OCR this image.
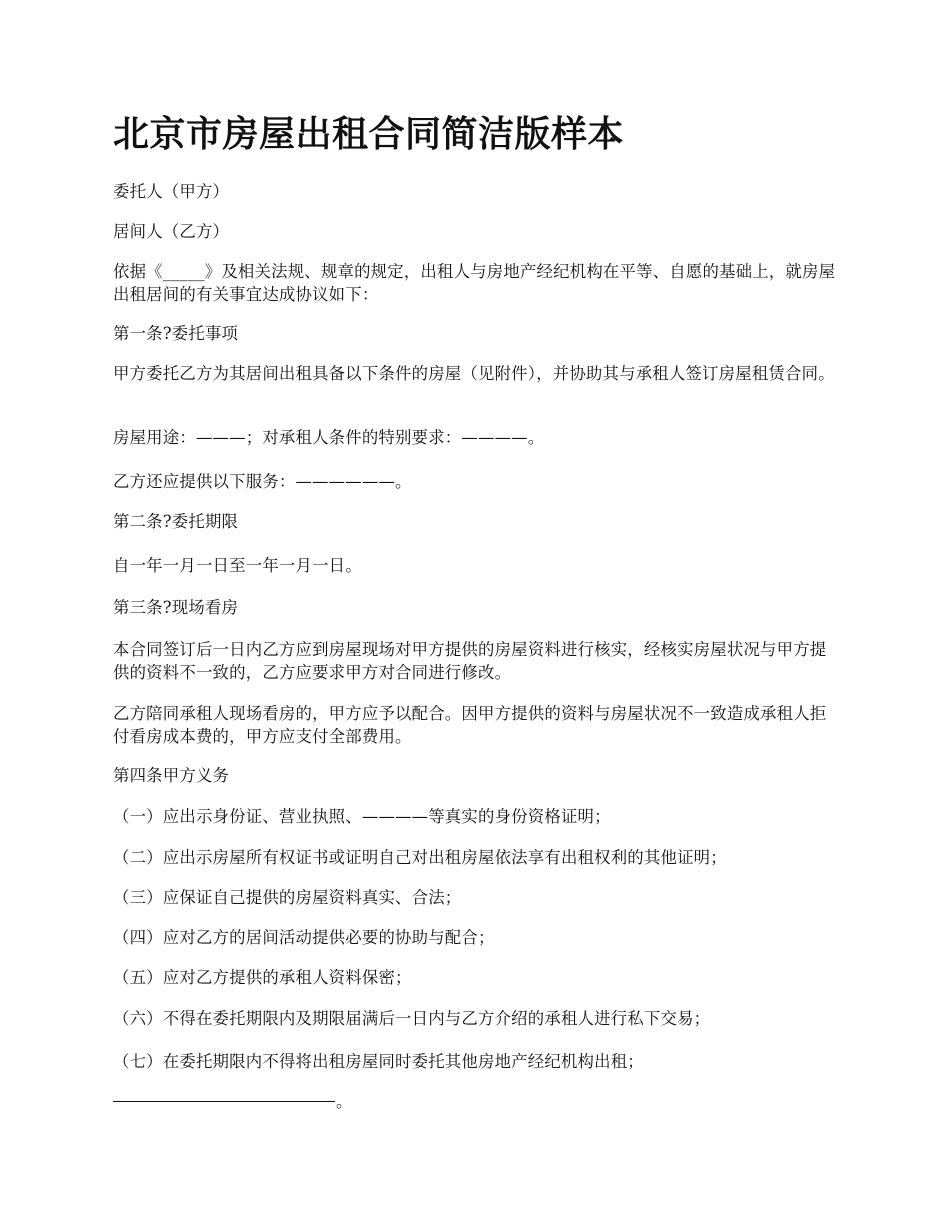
北京市房屋出租合同简洁版样本

委托人（甲方）

居间人（乙方）

依据《_____》及相关法规、规章的规定，出租人与房地产经纪机构在平等、自愿的基础上，就房屋出租居间的有关事宜达成协议如下：

第一条?委托事项

甲方委托乙方为其居间出租具备以下条件的房屋（见附件），并协助其与承租人签订房屋租赁合同。

房屋用途：———；对承租人条件的特别要求：————。

乙方还应提供以下服务：——————。

第二条?委托期限

自一年一月一日至一年一月一日。

第三条?现场看房

本合同签订后一日内乙方应到房屋现场对甲方提供的房屋资料进行核实，经核实房屋状况与甲方提供的资料不一致的，乙方应要求甲方对合同进行修改。

乙方陪同承租人现场看房的，甲方应予以配合。因甲方提供的资料与房屋状况不一致造成承租人拒付看房成本费的，甲方应支付全部费用。

第四条甲方义务

（一）应出示身份证、营业执照、————等真实的身份资格证明；

（二）应出示房屋所有权证书或证明自己对出租房屋依法享有出租权利的其他证明；

（三）应保证自己提供的房屋资料真实、合法；

（四）应对乙方的居间活动提供必要的协助与配合；

（五）应对乙方提供的承租人资料保密；

（六）不得在委托期限内及期限届满后一日内与乙方介绍的承租人进行私下交易；

（七）在委托期限内不得将出租房屋同时委托其他房地产经纪机构出租；

。
